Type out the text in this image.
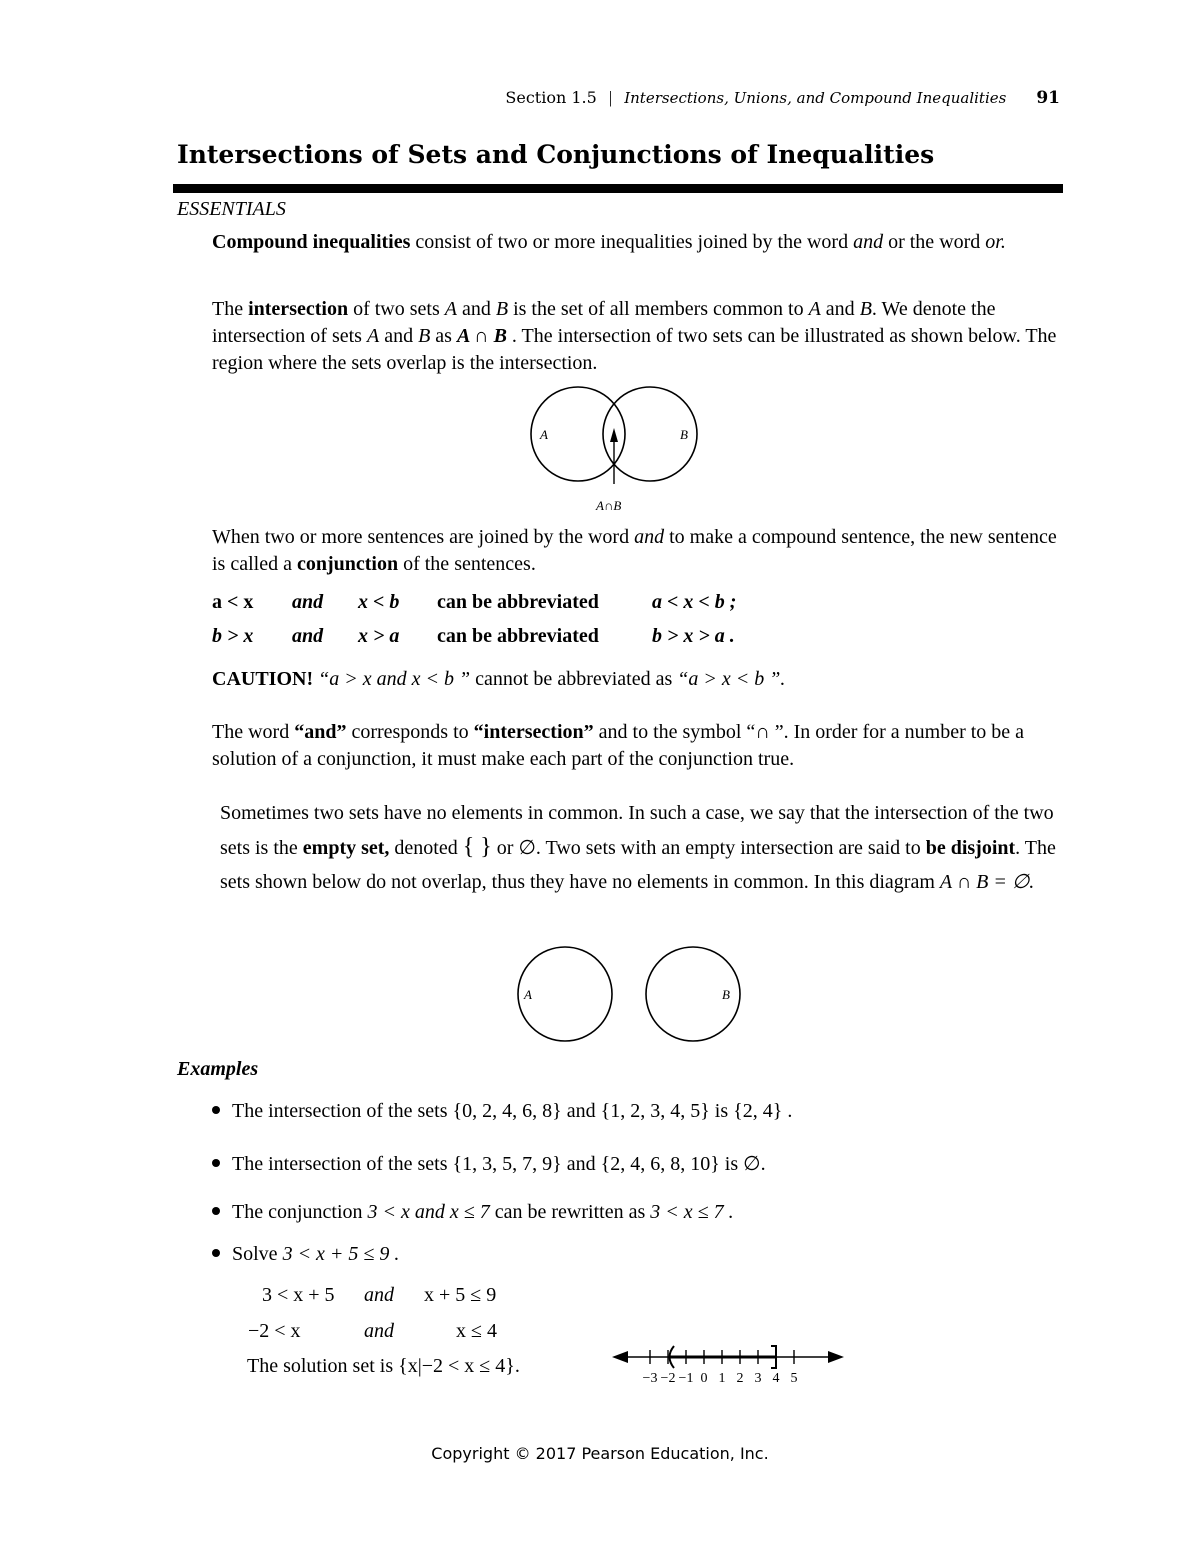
Section 1.5 | Intersections, Unions, and Compound Inequalities 91
Intersections of Sets and Conjunctions of Inequalities
ESSENTIALS
Compound inequalities consist of two or more inequalities joined by the word and or the word or.
The intersection of two sets A and B is the set of all members common to A and B. We denote the intersection of sets A and B as A ∩ B . The intersection of two sets can be illustrated as shown below. The region where the sets overlap is the intersection.
A	B
A∩B
When two or more sentences are joined by the word and to make a compound sentence, the new sentence is called a conjunction of the sentences.
a < x and x < b can be abbreviated	a < x < b ;
b > x and x > a can be abbreviated	b > x > a .
CAUTION! “a > x and x < b ” cannot be abbreviated as “a > x < b ”.
The word “and” corresponds to “intersection” and to the symbol “∩ ”. In order for a number to be a solution of a conjunction, it must make each part of the conjunction true.
Sometimes two sets have no elements in common. In such a case, we say that the intersection of the two sets is the empty set, denoted { } or ∅. Two sets with an empty intersection are said to be disjoint. The sets shown below do not overlap, thus they have no elements in common. In this diagram A ∩ B = ∅.
A	B
Examples
The intersection of the sets {0, 2, 4, 6, 8} and {1, 2, 3, 4, 5} is {2, 4} .
The intersection of the sets {1, 3, 5, 7, 9} and {2, 4, 6, 8, 10} is ∅.
The conjunction 3 < x and x ≤ 7 can be rewritten as 3 < x ≤ 7 .
Solve 3 < x + 5 ≤ 9 .
3 < x + 5 and x + 5 ≤ 9
−2 < x	and	x ≤ 4
The solution set is {x|−2 < x ≤ 4}.
−3 −2 −1 0 1 2 3 4 5
Copyright © 2017 Pearson Education, Inc.
